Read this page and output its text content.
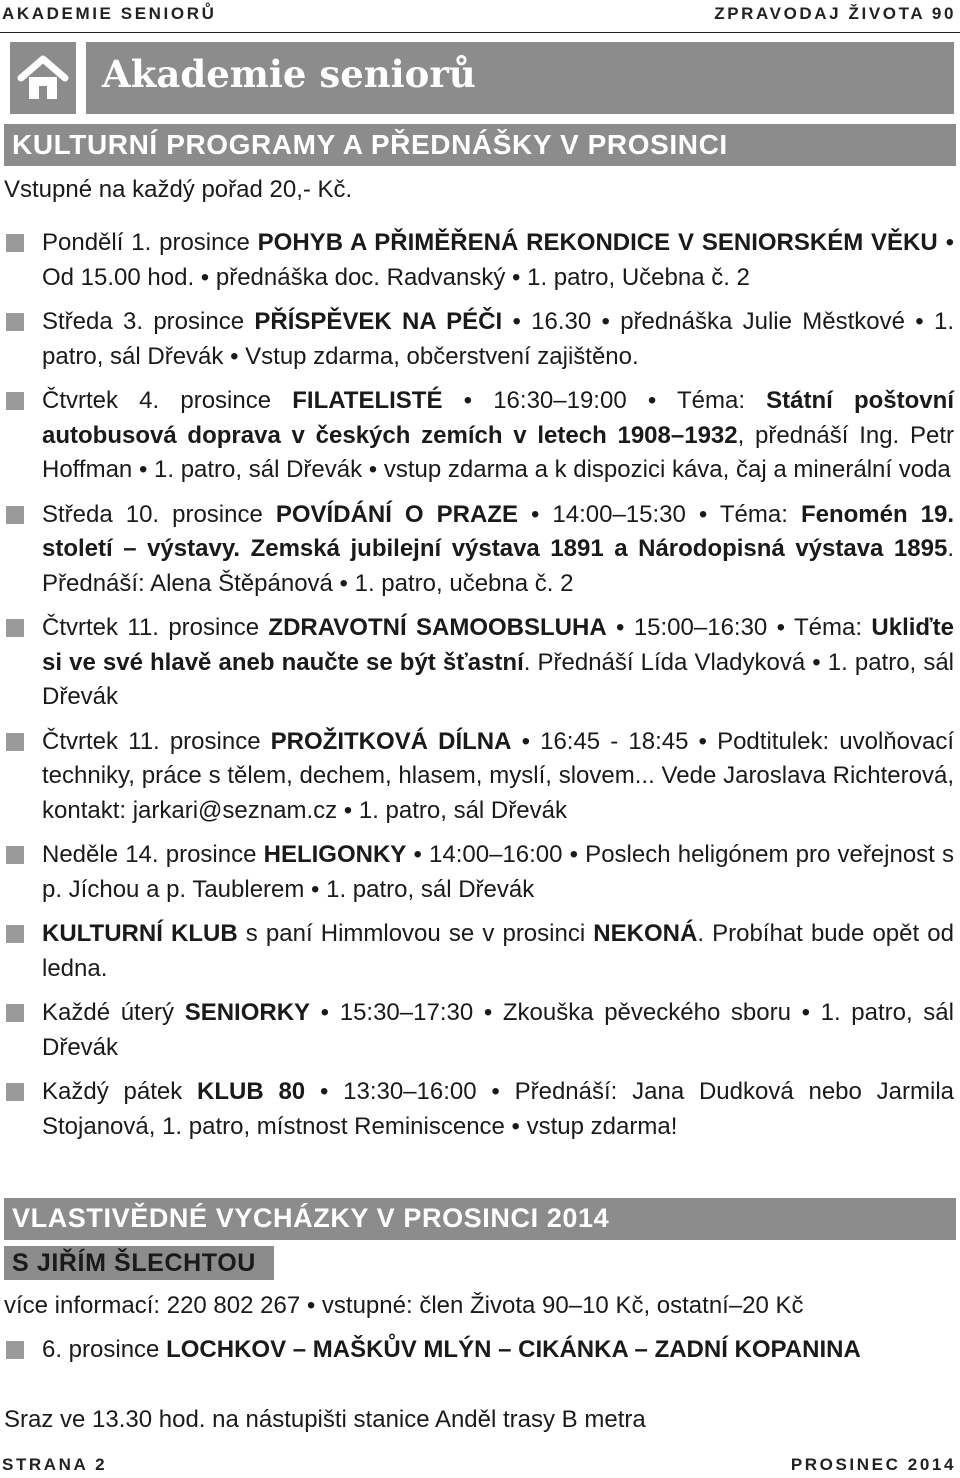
AKADEMIE SENIORŮ	ZPRAVODAJ ŽIVOTA 90
Akademie seniorů
KULTURNÍ PROGRAMY A PŘEDNÁŠKY V PROSINCI
Vstupné na každý pořad 20,- Kč.
Pondělí 1. prosince POHYB A PŘIMĚŘENÁ REKONDICE V SENIORSKÉM VĚKU • Od 15.00 hod. • přednáška doc. Radvanský • 1. patro, Učebna č. 2
Středa 3. prosince PŘÍSPĚVEK NA PÉČI • 16.30 • přednáška Julie Městkové • 1. patro, sál Dřevák • Vstup zdarma, občerstvení zajištěno.
Čtvrtek 4. prosince FILATELISTÉ • 16:30–19:00 • Téma: Státní poštovní autobusová doprava v českých zemích v letech 1908–1932, přednáší Ing. Petr Hoffman • 1. patro, sál Dřevák • vstup zdarma a k dispozici káva, čaj a minerální voda
Středa 10. prosince POVÍDÁNÍ O PRAZE • 14:00–15:30 • Téma: Fenomén 19. století – výstavy. Zemská jubilejní výstava 1891 a Národopisná výstava 1895. Přednáší: Alena Štěpánová • 1. patro, učebna č. 2
Čtvrtek 11. prosince ZDRAVOTNÍ SAMOOBSLUHA • 15:00–16:30 • Téma: Ukliďte si ve své hlavě aneb naučte se být šťastní. Přednáší Lída Vladyková • 1. patro, sál Dřevák
Čtvrtek 11. prosince PROŽITKOVÁ DÍLNA • 16:45 - 18:45 • Podtitulek: uvolňovací techniky, práce s tělem, dechem, hlasem, myslí, slovem... Vede Jaroslava Richterová, kontakt: jarkari@seznam.cz • 1. patro, sál Dřevák
Neděle 14. prosince HELIGONKY • 14:00–16:00 • Poslech heligónem pro veřejnost s p. Jíchou a p. Taublerem • 1. patro, sál Dřevák
KULTURNÍ KLUB s paní Himmlovou se v prosinci NEKONÁ. Probíhat bude opět od ledna.
Každé úterý SENIORKY • 15:30–17:30 • Zkouška pěveckého sboru • 1. patro, sál Dřevák
Každý pátek KLUB 80 • 13:30–16:00 • Přednáší: Jana Dudková nebo Jarmila Stojanová, 1. patro, místnost Reminiscence • vstup zdarma!
VLASTIVĚDNÉ VYCHÁZKY V PROSINCI 2014
S JIŘÍM ŠLECHTOU
více informací: 220 802 267 • vstupné: člen Života 90–10 Kč, ostatní–20 Kč
6. prosince LOCHKOV – MAŠKŮV MLÝN – CIKÁNKA – ZADNÍ KOPANINA
Sraz ve 13.30 hod. na nástupišti stanice Anděl trasy B metra
STRANA 2	PROSINEC 2014
